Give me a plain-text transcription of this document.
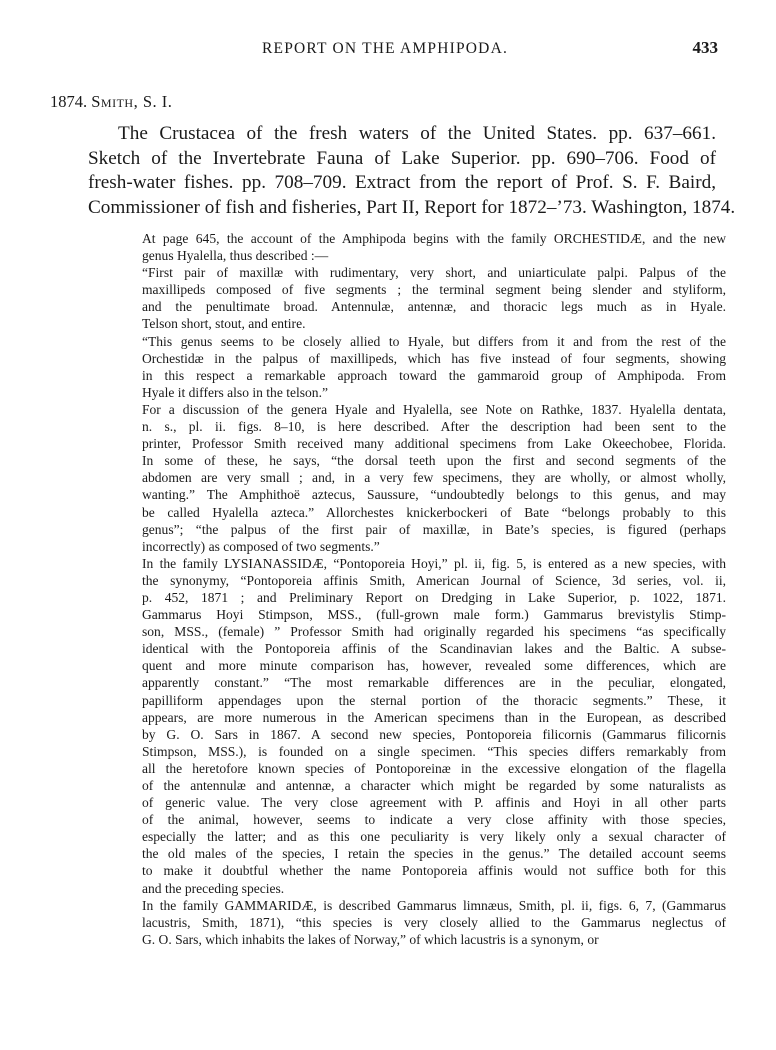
REPORT ON THE AMPHIPODA.	433
1874. Smith, S. I.
The Crustacea of the fresh waters of the United States. pp. 637–661.
Sketch of the Invertebrate Fauna of Lake Superior. pp. 690–706. Food of
fresh-water fishes. pp. 708–709. Extract from the report of Prof. S. F. Baird,
Commissioner of fish and fisheries, Part II, Report for 1872–’73. Washington, 1874.
At page 645, the account of the Amphipoda begins with the family ORCHESTIDÆ, and the new
genus Hyalella, thus described :—
“First pair of maxillæ with rudimentary, very short, and uniarticulate palpi. Palpus of the
maxillipeds composed of five segments ; the terminal segment being slender and styliform,
and the penultimate broad. Antennulæ, antennæ, and thoracic legs much as in Hyale.
Telson short, stout, and entire.
“This genus seems to be closely allied to Hyale, but differs from it and from the rest of the
Orchestidæ in the palpus of maxillipeds, which has five instead of four segments, showing
in this respect a remarkable approach toward the gammaroid group of Amphipoda. From
Hyale it differs also in the telson.”
For a discussion of the genera Hyale and Hyalella, see Note on Rathke, 1837. Hyalella dentata,
n. s., pl. ii. figs. 8–10, is here described. After the description had been sent to the
printer, Professor Smith received many additional specimens from Lake Okeechobee, Florida.
In some of these, he says, “the dorsal teeth upon the first and second segments of the
abdomen are very small ; and, in a very few specimens, they are wholly, or almost wholly,
wanting.” The Amphithoë aztecus, Saussure, “undoubtedly belongs to this genus, and may
be called Hyalella azteca.” Allorchestes knickerbockeri of Bate “belongs probably to this
genus”; “the palpus of the first pair of maxillæ, in Bate’s species, is figured (perhaps
incorrectly) as composed of two segments.”
In the family LYSIANASSIDÆ, “Pontoporeia Hoyi,” pl. ii, fig. 5, is entered as a new species, with
the synonymy, “Pontoporeia affinis Smith, American Journal of Science, 3d series, vol. ii,
p. 452, 1871 ; and Preliminary Report on Dredging in Lake Superior, p. 1022, 1871.
Gammarus Hoyi Stimpson, MSS., (full-grown male form.) Gammarus brevistylis Stimp-
son, MSS., (female) ” Professor Smith had originally regarded his specimens “as specifically
identical with the Pontoporeia affinis of the Scandinavian lakes and the Baltic. A subse-
quent and more minute comparison has, however, revealed some differences, which are
apparently constant.” “The most remarkable differences are in the peculiar, elongated,
papilliform appendages upon the sternal portion of the thoracic segments.” These, it
appears, are more numerous in the American specimens than in the European, as described
by G. O. Sars in 1867. A second new species, Pontoporeia filicornis (Gammarus filicornis
Stimpson, MSS.), is founded on a single specimen. “This species differs remarkably from
all the heretofore known species of Pontoporeinæ in the excessive elongation of the flagella
of the antennulæ and antennæ, a character which might be regarded by some naturalists as
of generic value. The very close agreement with P. affinis and Hoyi in all other parts
of the animal, however, seems to indicate a very close affinity with those species,
especially the latter; and as this one peculiarity is very likely only a sexual character of
the old males of the species, I retain the species in the genus.” The detailed account seems
to make it doubtful whether the name Pontoporeia affinis would not suffice both for this
and the preceding species.
In the family GAMMARIDÆ, is described Gammarus limnæus, Smith, pl. ii, figs. 6, 7, (Gammarus
lacustris, Smith, 1871), “this species is very closely allied to the Gammarus neglectus of
G. O. Sars, which inhabits the lakes of Norway,” of which lacustris is a synonym, or
